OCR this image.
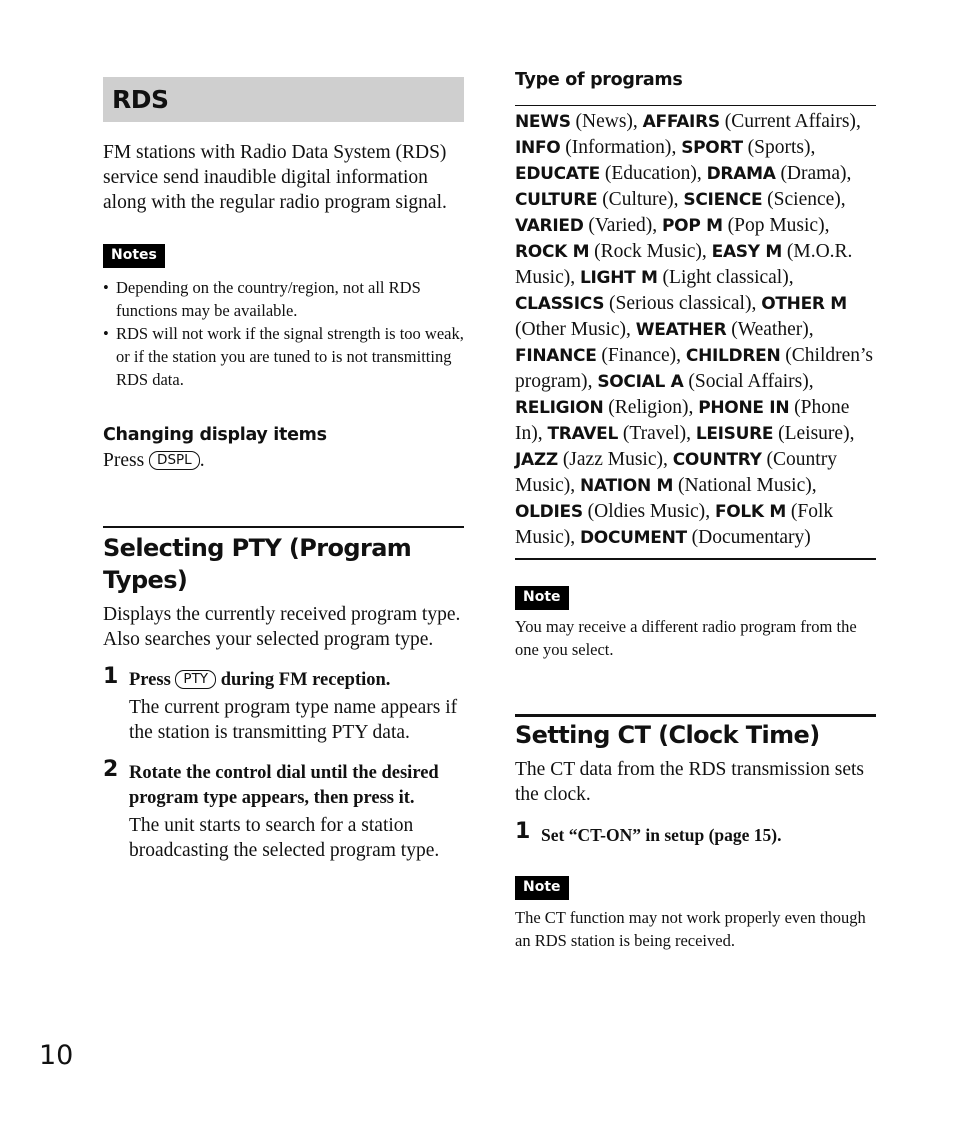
RDS

FM stations with Radio Data System (RDS) service send inaudible digital information along with the regular radio program signal.

Notes
• Depending on the country/region, not all RDS functions may be available.
• RDS will not work if the signal strength is too weak, or if the station you are tuned to is not transmitting RDS data.
Changing display items

Press DSPL .

Selecting PTY (Program Types)

Displays the currently received program type. Also searches your selected program type.

1 Press PTY during FM reception.

The current program type name appears if the station is transmitting PTY data.

2 Rotate the control dial until the desired program type appears, then press it.

The unit starts to search for a station broadcasting the selected program type.

Type of programs

NEWS (News), AFFAIRS (Current Affairs), INFO (Information), SPORT (Sports), EDUCATE (Education), DRAMA (Drama), CULTURE (Culture), SCIENCE (Science), VARIED (Varied), POP M (Pop Music), ROCK M (Rock Music), EASY M (M.O.R. Music), LIGHT M (Light classical), CLASSICS (Serious classical), OTHER M (Other Music), WEATHER (Weather), FINANCE (Finance), CHILDREN (Children’s program), SOCIAL A (Social Affairs), RELIGION (Religion), PHONE IN (Phone In), TRAVEL (Travel), LEISURE (Leisure), JAZZ (Jazz Music), COUNTRY (Country Music), NATION M (National Music), OLDIES (Oldies Music), FOLK M (Folk Music), DOCUMENT (Documentary)

Note

You may receive a different radio program from the one you select.

Setting CT (Clock Time)

The CT data from the RDS transmission sets the clock.

1 Set “CT-ON” in setup (page 15).

Note

The CT function may not work properly even though an RDS station is being received.

10
